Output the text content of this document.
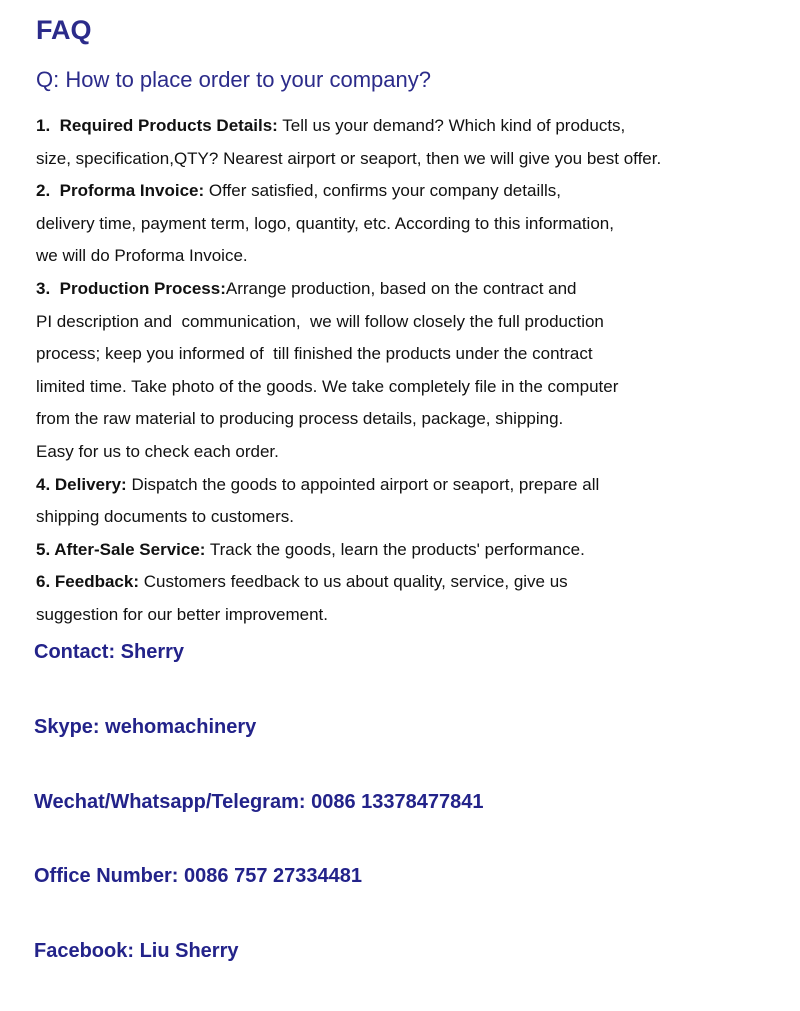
FAQ
Q: How to place order to your company?
1.  Required Products Details: Tell us your demand? Which kind of products,
size, specification,QTY? Nearest airport or seaport, then we will give you best offer.
2.  Proforma Invoice: Offer satisfied, confirms your company detaills,
delivery time, payment term, logo, quantity, etc. According to this information,
we will do Proforma Invoice.
3.  Production Process:Arrange production, based on the contract and
PI description and  communication,  we will follow closely the full production
process; keep you informed of  till finished the products under the contract
limited time. Take photo of the goods. We take completely file in the computer
from the raw material to producing process details, package, shipping.
Easy for us to check each order.
4. Delivery: Dispatch the goods to appointed airport or seaport, prepare all
shipping documents to customers.
5. After-Sale Service: Track the goods, learn the products' performance.
6. Feedback: Customers feedback to us about quality, service, give us
suggestion for our better improvement.
Contact: Sherry
Skype: wehomachinery
Wechat/Whatsapp/Telegram: 0086 13378477841
Office Number: 0086 757 27334481
Facebook: Liu Sherry
